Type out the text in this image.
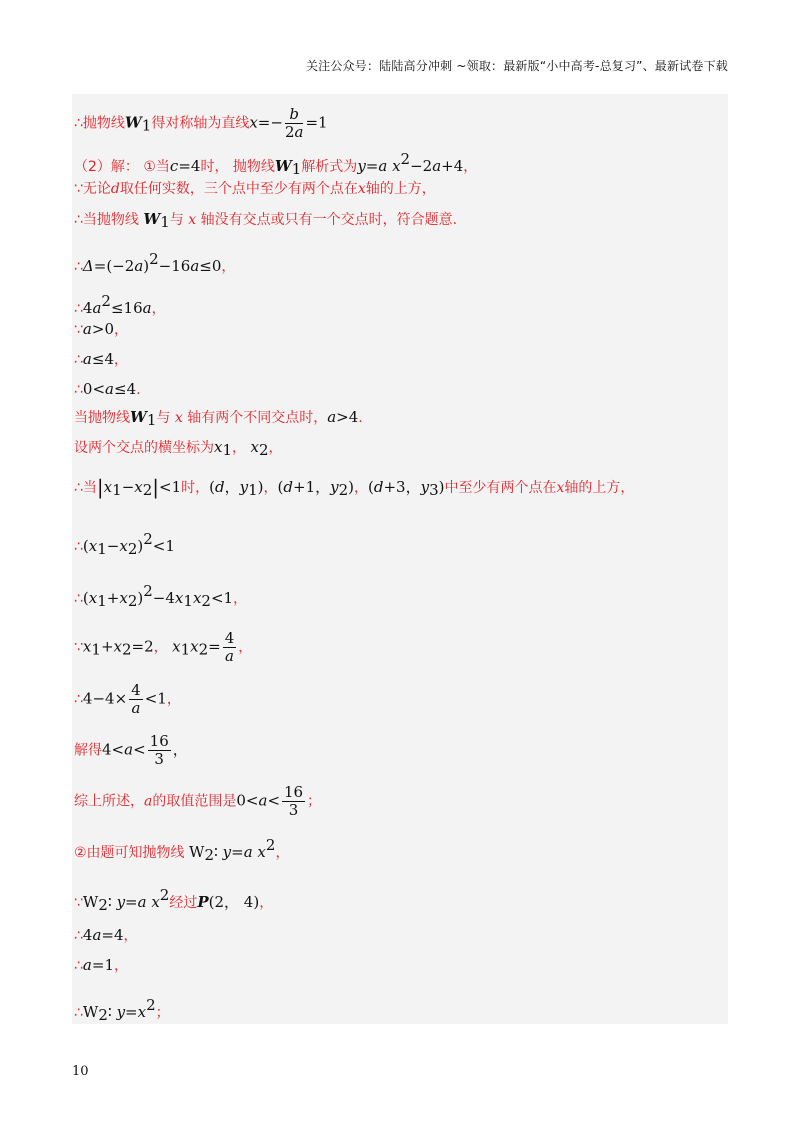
关注公众号：陆陆高分冲刺 ~领取：最新版“小中高考-总复习”、最新试卷下载
∴抛物线$W_1$得对称轴为直线$x=- \frac{b}{2a} =1$
（2）解： ①当c=4时， 抛物线$W_1$解析式为y=a $x^2-2a+4$，
∵无论d取任何实数，三个点中至少有两个点在x轴的上方，
∴当抛物线 $W_1$与 x 轴没有交点或只有一个交点时，符合题意.
$\therefore\Delta=(-2a)^2-16a\le 0$，
$\therefore 4a^2\le 16a$，
∵a>0，
∴a≤4，
∴0<a≤4.
当抛物线$W_1$与 x 轴有两个不同交点时，a>4.
设两个交点的横坐标为$x_1$， $x_2$，
∴当$|x_1-x_2|<1$时，(d，$y_1$)，(d+1，$y_2$)，(d+3，$y_3$)中至少有两个点在x轴的上方，
$\therefore(x_1-x_2)^2<1$
$\therefore(x_1+x_2)^2-4x_1x_2<1$，
$\because x_1+x_2=2$， $x_1x_2= \frac{4}{a}$ ，
∴4−4× $\frac{4}{a} <1$，
解得$4<a< \frac{16}{3}$ ，
综上所述，a的取值范围是$0<a< \frac{16}{3}$ ；
②由题可知抛物线 $W_2∶$ y=a $x^2$，
$\because W_2∶$ y=a $x^2$经过P(2， 4)，
∴4a=4，
∴a=1，
$\therefore W_2∶$ $y=x^2$；
10
